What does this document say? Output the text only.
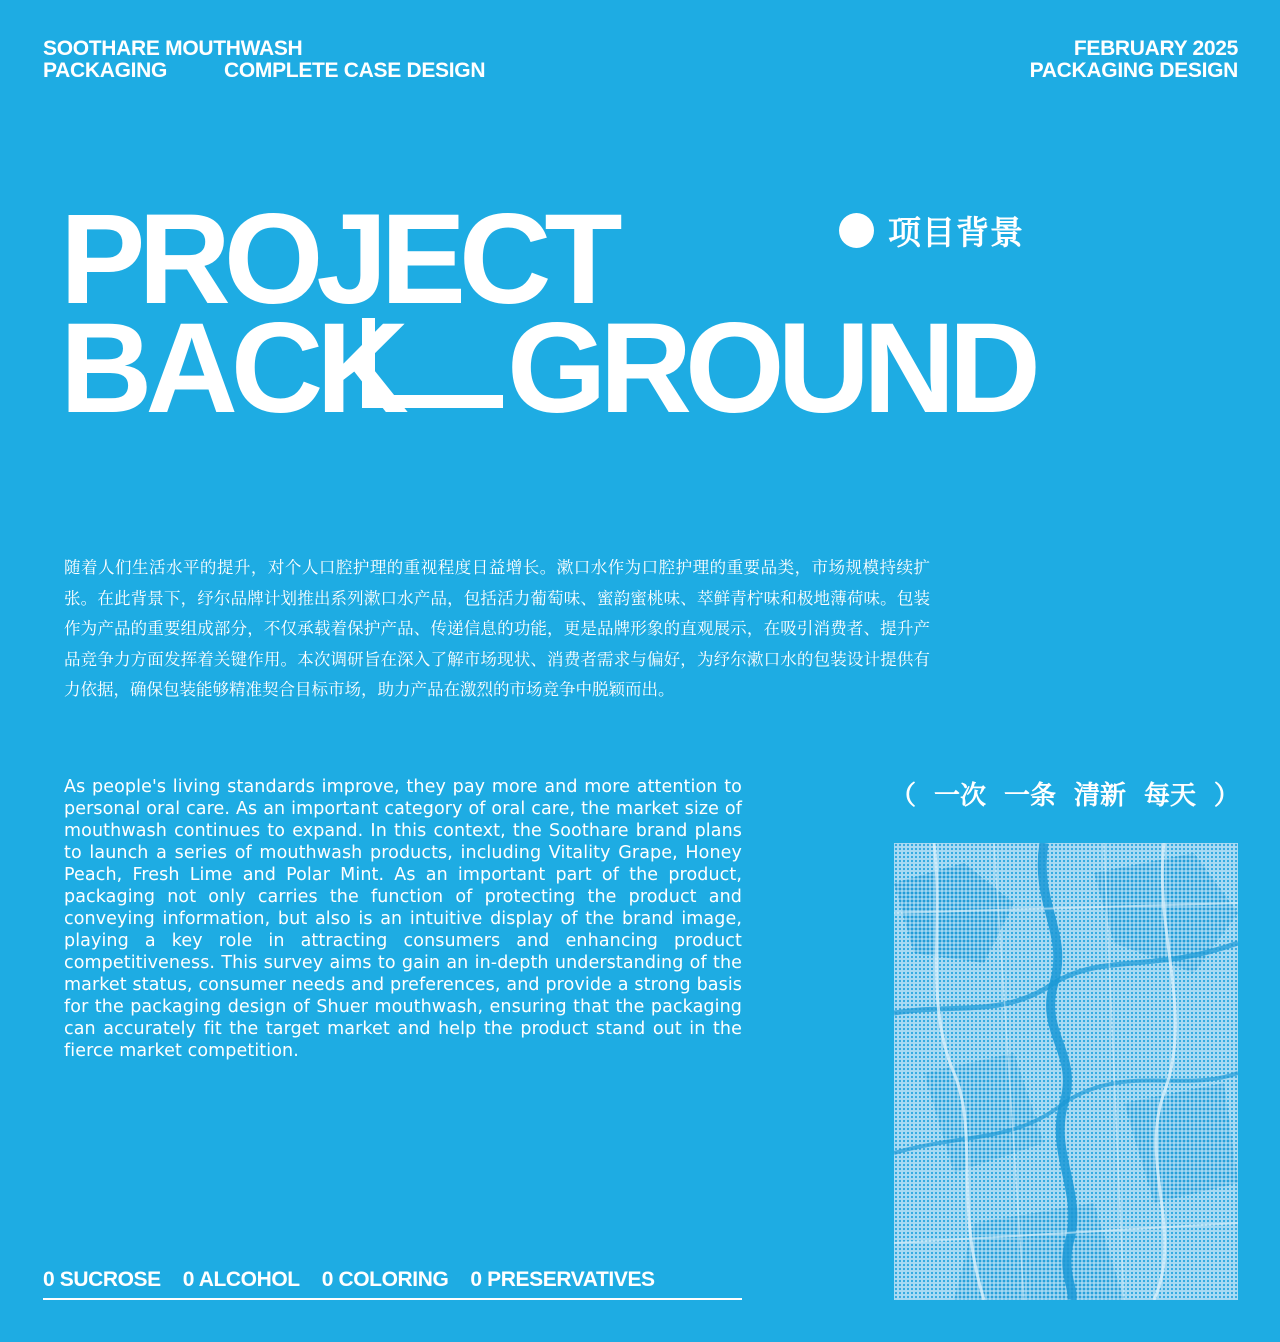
SOOTHARE MOUTHWASH
PACKAGING	COMPLETE CASE DESIGN
FEBRUARY 2025
PACKAGING DESIGN
PROJECT
BACK GROUND
项目背景
随着人们生活水平的提升，对个人口腔护理的重视程度日益增长。漱口水作为口腔护理的重要品类，市场规模持续扩张。在此背景下，纾尔品牌计划推出系列漱口水产品，包括活力葡萄味、蜜韵蜜桃味、萃鲜青柠味和极地薄荷味。包装作为产品的重要组成部分，不仅承载着保护产品、传递信息的功能，更是品牌形象的直观展示，在吸引消费者、提升产品竞争力方面发挥着关键作用。本次调研旨在深入了解市场现状、消费者需求与偏好，为纾尔漱口水的包装设计提供有力依据，确保包装能够精准契合目标市场，助力产品在激烈的市场竞争中脱颖而出。
As people's living standards improve, they pay more and more attention to personal oral care. As an important category of oral care, the market size of mouthwash continues to expand. In this context, the Soothare brand plans to launch a series of mouthwash products, including Vitality Grape, Honey Peach, Fresh Lime and Polar Mint. As an important part of the product, packaging not only carries the function of protecting the product and conveying information, but also is an intuitive display of the brand image, playing a key role in attracting consumers and enhancing product competitiveness. This survey aims to gain an in-depth understanding of the market status, consumer needs and preferences, and provide a strong basis for the packaging design of Shuer mouthwash, ensuring that the packaging can accurately fit the target market and help the product stand out in the fierce market competition.
（ 一次 一条 清新 每天 ）
0 SUCROSE 0 ALCOHOL 0 COLORING 0 PRESERVATIVES
